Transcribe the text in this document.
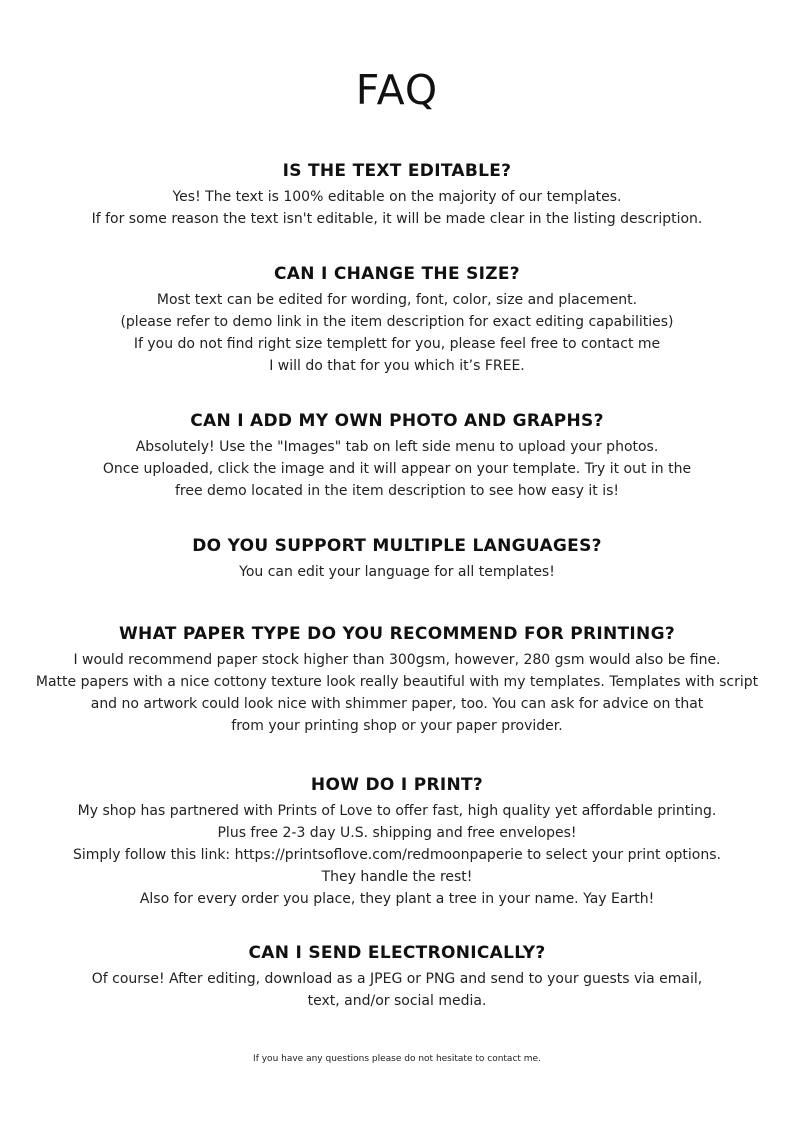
FAQ
IS THE TEXT EDITABLE?

Yes! The text is 100% editable on the majority of our templates.
If for some reason the text isn't editable, it will be made clear in the listing description.

CAN I CHANGE THE SIZE?

Most text can be edited for wording, font, color, size and placement.
(please refer to demo link in the item description for exact editing capabilities)
If you do not find right size templett for you, please feel free to contact me
I will do that for you which it’s FREE.

CAN I ADD MY OWN PHOTO AND GRAPHS?

Absolutely! Use the "Images" tab on left side menu to upload your photos.
Once uploaded, click the image and it will appear on your template. Try it out in the
free demo located in the item description to see how easy it is!

DO YOU SUPPORT MULTIPLE LANGUAGES?

You can edit your language for all templates!

WHAT PAPER TYPE DO YOU RECOMMEND FOR PRINTING?

I would recommend paper stock higher than 300gsm, however, 280 gsm would also be fine.
Matte papers with a nice cottony texture look really beautiful with my templates. Templates with script
and no artwork could look nice with shimmer paper, too. You can ask for advice on that
from your printing shop or your paper provider.

HOW DO I PRINT?

My shop has partnered with Prints of Love to offer fast, high quality yet affordable printing.
Plus free 2-3 day U.S. shipping and free envelopes!
Simply follow this link: https://printsoflove.com/redmoonpaperie to select your print options.
They handle the rest!
Also for every order you place, they plant a tree in your name. Yay Earth!

CAN I SEND ELECTRONICALLY?

Of course! After editing, download as a JPEG or PNG and send to your guests via email,
text, and/or social media.

If you have any questions please do not hesitate to contact me.
